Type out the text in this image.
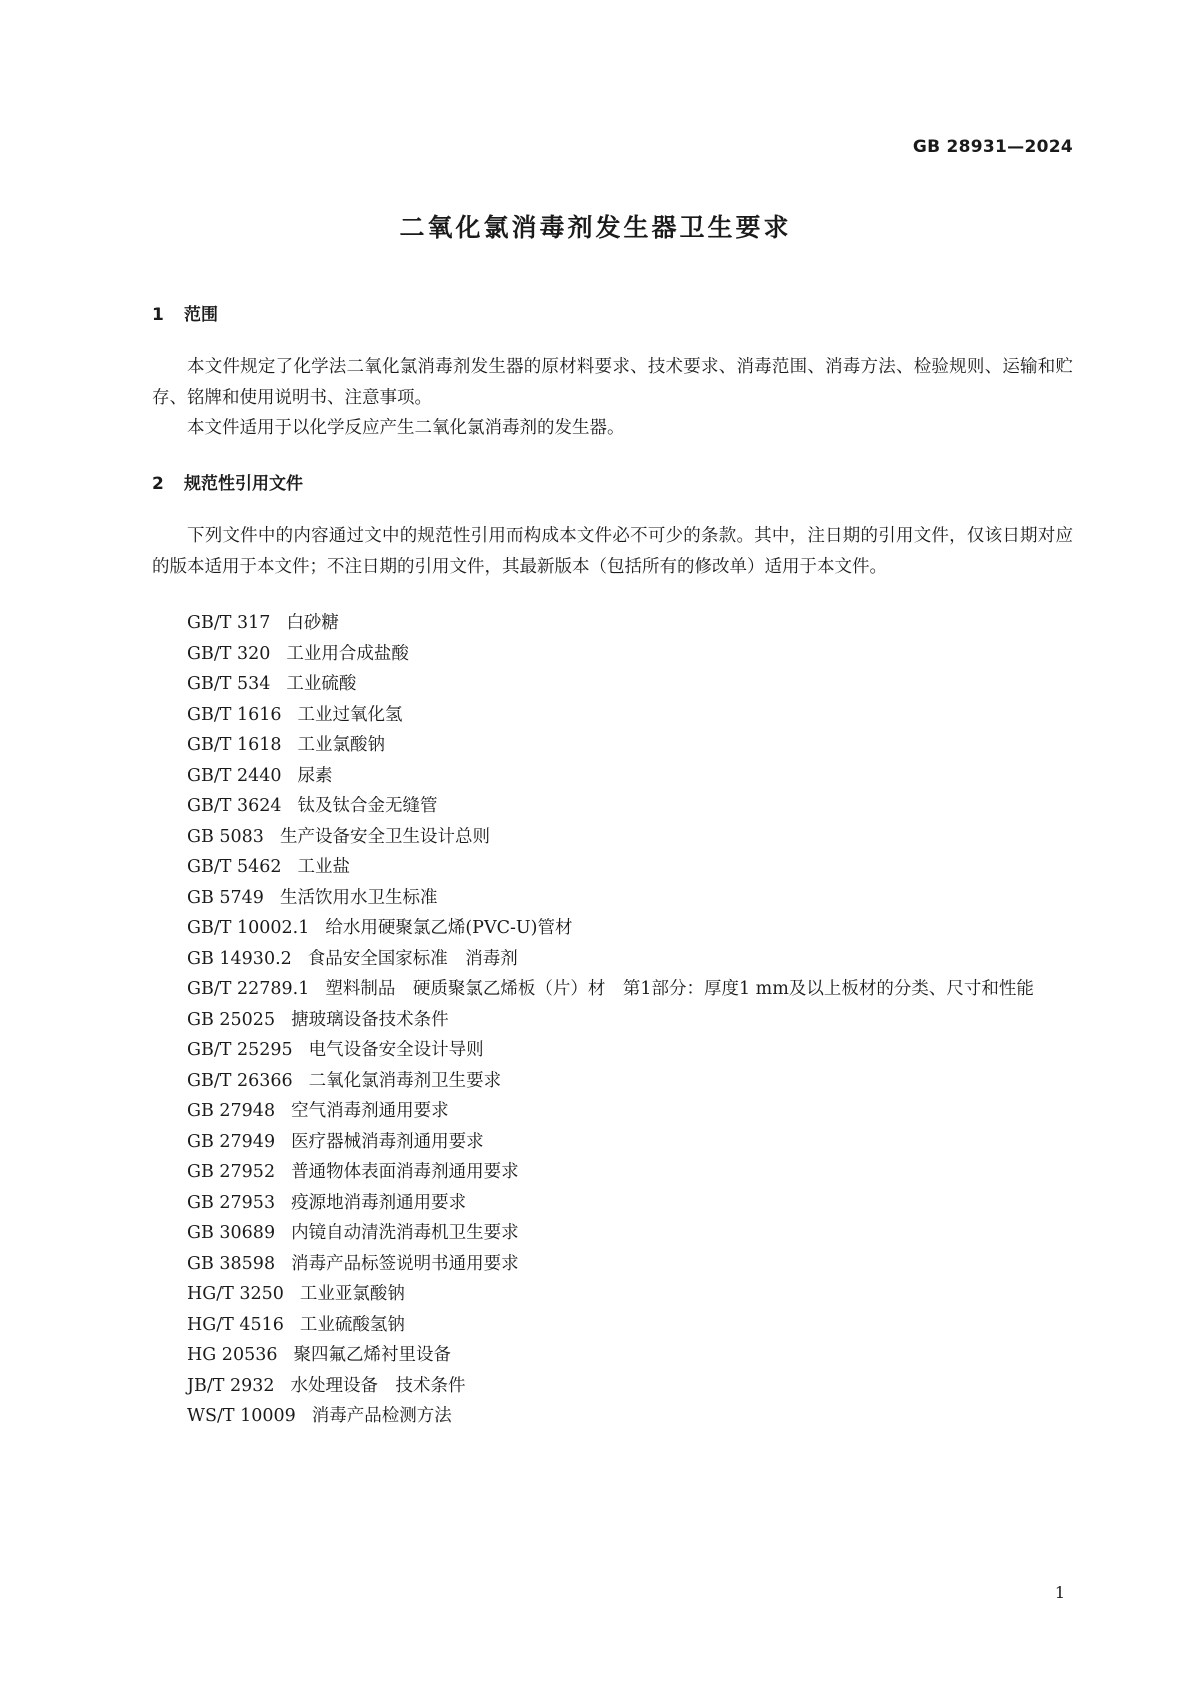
GB 28931—2024
二氧化氯消毒剂发生器卫生要求
1 范围

本文件规定了化学法二氧化氯消毒剂发生器的原材料要求、技术要求、消毒范围、消毒方法、检验规则、运输和贮存、铭牌和使用说明书、注意事项。

本文件适用于以化学反应产生二氧化氯消毒剂的发生器。

2 规范性引用文件

下列文件中的内容通过文中的规范性引用而构成本文件必不可少的条款。其中，注日期的引用文件，仅该日期对应的版本适用于本文件；不注日期的引用文件，其最新版本（包括所有的修改单）适用于本文件。

GB/T 317 白砂糖
GB/T 320 工业用合成盐酸
GB/T 534 工业硫酸
GB/T 1616 工业过氧化氢
GB/T 1618 工业氯酸钠
GB/T 2440 尿素
GB/T 3624 钛及钛合金无缝管
GB 5083 生产设备安全卫生设计总则
GB/T 5462 工业盐
GB 5749 生活饮用水卫生标准
GB/T 10002.1 给水用硬聚氯乙烯(PVC-U)管材
GB 14930.2 食品安全国家标准　消毒剂
GB/T 22789.1 塑料制品　硬质聚氯乙烯板（片）材　第1部分：厚度1 mm及以上板材的分类、尺寸和性能
GB 25025 搪玻璃设备技术条件
GB/T 25295 电气设备安全设计导则
GB/T 26366 二氧化氯消毒剂卫生要求
GB 27948 空气消毒剂通用要求
GB 27949 医疗器械消毒剂通用要求
GB 27952 普通物体表面消毒剂通用要求
GB 27953 疫源地消毒剂通用要求
GB 30689 内镜自动清洗消毒机卫生要求
GB 38598 消毒产品标签说明书通用要求
HG/T 3250 工业亚氯酸钠
HG/T 4516 工业硫酸氢钠
HG 20536 聚四氟乙烯衬里设备
JB/T 2932 水处理设备　技术条件
WS/T 10009 消毒产品检测方法
1
